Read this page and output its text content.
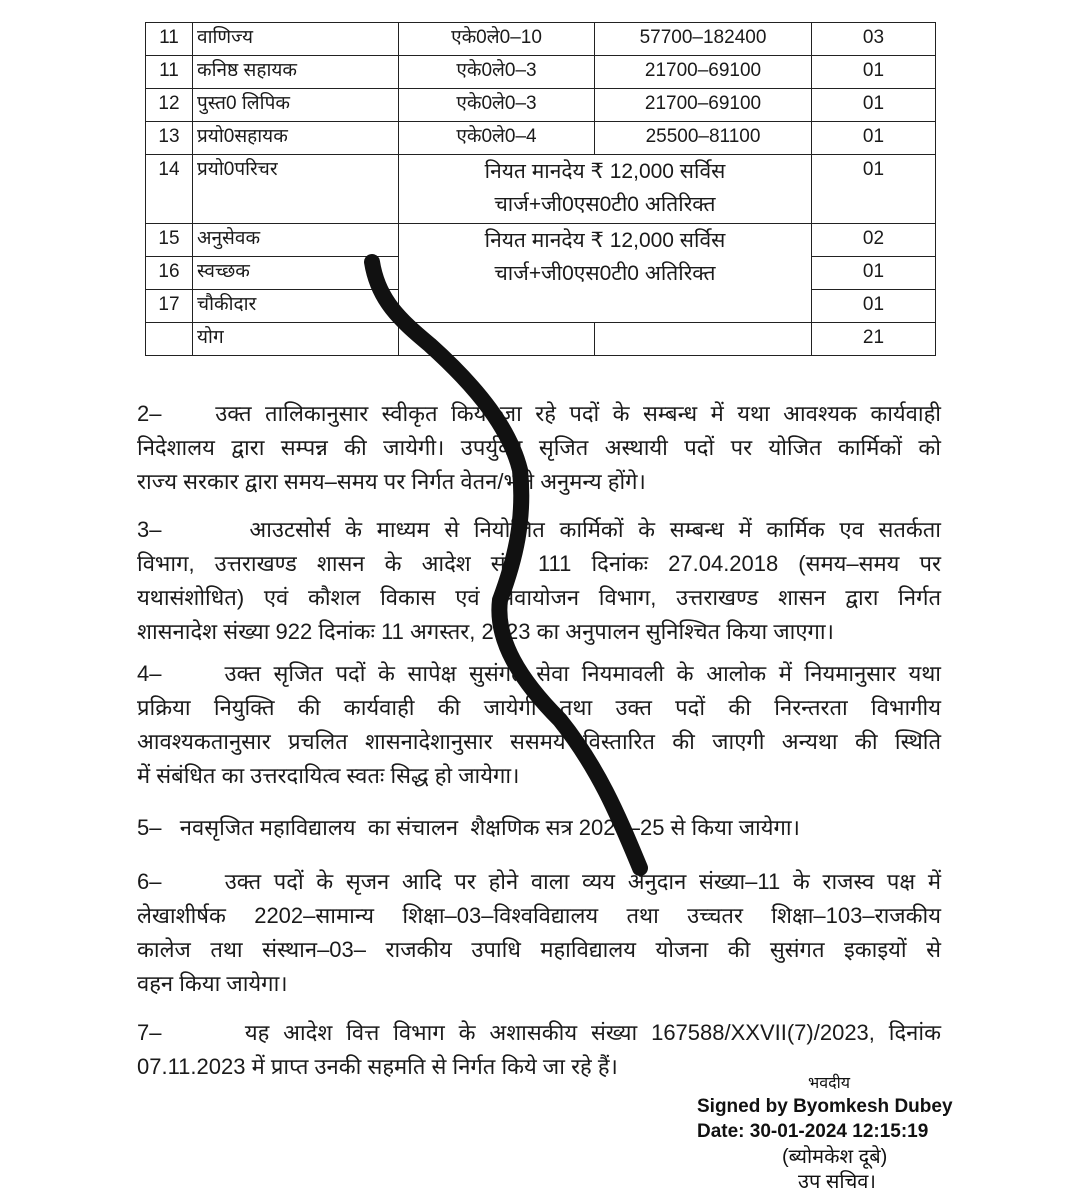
11	वाणिज्य	एके0ले0–10	57700–182400	03
11	कनिष्ठ सहायक	एके0ले0–3	21700–69100	01
12	पुस्त0 लिपिक	एके0ले0–3	21700–69100	01
13	प्रयो0सहायक	एके0ले0–4	25500–81100	01
14	प्रयो0परिचर	नियत मानदेय ₹ 12,000 सर्विस चार्ज+जी0एस0टी0 अतिरिक्त		01
15	अनुसेवक	नियत मानदेय ₹ 12,000 सर्विस चार्ज+जी0एस0टी0 अतिरिक्त		02
16	स्वच्छक			01
17	चौकीदार			01
	योग			21
2–    उक्त तालिकानुसार स्वीकृत किये जा रहे पदों के सम्बन्ध में यथा आवश्यक कार्यवाही
निदेशालय द्वारा सम्पन्न की जायेगी। उपर्युक्त सृजित अस्थायी पदों पर योजित कार्मिकों को
राज्य सरकार द्वारा समय–समय पर निर्गत वेतन/भत्ते अनुमन्य होंगे।
3–      आउटसोर्स के माध्यम से नियोजित कार्मिकों के सम्बन्ध में कार्मिक एव सतर्कता
विभाग, उत्तराखण्ड शासन के आदेश सं0 111 दिनांकः 27.04.2018 (समय–समय पर
यथासंशोधित) एवं कौशल विकास एवं सेवायोजन विभाग, उत्तराखण्ड शासन द्वारा निर्गत
शासनादेश संख्या 922 दिनांकः 11 अगस्तर, 2023 का अनुपालन सुनिश्चित किया जाएगा।
4–     उक्त सृजित पदों के सापेक्ष सुसंगत सेवा नियमावली के आलोक में नियमानुसार यथा
प्रक्रिया नियुक्ति की कार्यवाही की जायेगी तथा उक्त पदों की निरन्तरता विभागीय
आवश्यकतानुसार प्रचलित शासनादेशानुसार ससमय विस्तारित की जाएगी अन्यथा की स्थिति
में संबंधित का उत्तरदायित्व स्वतः सिद्ध हो जायेगा।
5–   नवसृजित महाविद्यालय  का संचालन  शैक्षणिक सत्र 2024–25 से किया जायेगा।
6–     उक्त पदों के सृजन आदि पर होने वाला व्यय अनुदान संख्या–11 के राजस्व पक्ष में
लेखाशीर्षक 2202–सामान्य शिक्षा–03–विश्वविद्यालय तथा उच्चतर शिक्षा–103–राजकीय
कालेज तथा संस्थान–03– राजकीय उपाधि महाविद्यालय योजना की सुसंगत इकाइयों से
वहन किया जायेगा।
7–      यह आदेश वित्त विभाग के अशासकीय संख्या 167588/XXVII(7)/2023, दिनांक
07.11.2023 में प्राप्त उनकी सहमति से निर्गत किये जा रहे हैं।
भवदीय
Signed by Byomkesh Dubey
Date: 30-01-2024 12:15:19
(ब्योमकेश दूबे)
उप सचिव।
